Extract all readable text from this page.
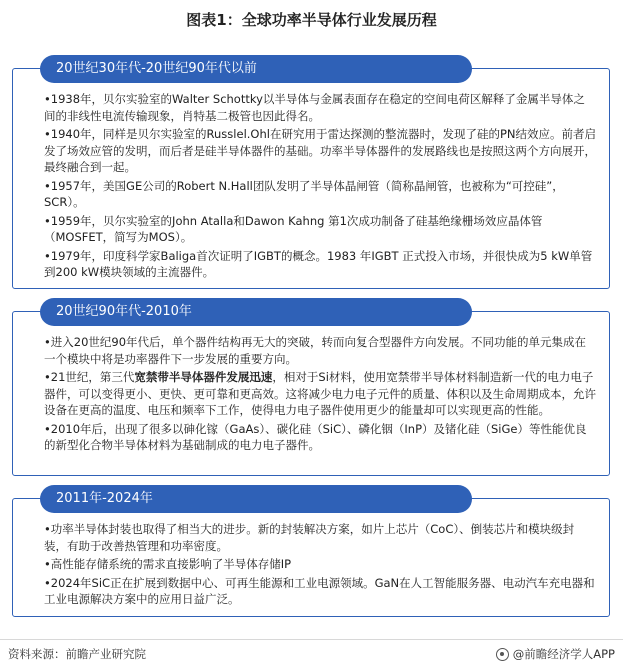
图表1：全球功率半导体行业发展历程
20世纪30年代-20世纪90年代以前
•1938年，贝尔实验室的Walter Schottky以半导体与金属表面存在稳定的空间电荷区解释了金属半导体之间的非线性电流传输现象，肖特基二极管也因此得名。
•1940年，同样是贝尔实验室的Russlel.Ohl在研究用于雷达探测的整流器时，发现了硅的PN结效应。前者启发了场效应管的发明，而后者是硅半导体器件的基础。功率半导体器件的发展路线也是按照这两个方向展开，最终融合到一起。
•1957年，美国GE公司的Robert N.Hall团队发明了半导体晶闸管（简称晶闸管，也被称为“可控硅”，SCR）。
•1959年，贝尔实验室的John Atalla和Dawon Kahng 第1次成功制备了硅基绝缘栅场效应晶体管（MOSFET，简写为MOS）。
•1979年，印度科学家Baliga首次证明了IGBT的概念。1983 年IGBT 正式投入市场，并很快成为5 kW单管到200 kW模块领域的主流器件。
20世纪90年代-2010年
•进入20世纪90年代后，单个器件结构再无大的突破，转而向复合型器件方向发展。不同功能的单元集成在一个模块中将是功率器件下一步发展的重要方向。
•21世纪，第三代宽禁带半导体器件发展迅速，相对于Si材料，使用宽禁带半导体材料制造新一代的电力电子器件，可以变得更小、更快、更可靠和更高效。这将减少电力电子元件的质量、体积以及生命周期成本，允许设备在更高的温度、电压和频率下工作，使得电力电子器件使用更少的能量却可以实现更高的性能。
•2010年后，出现了很多以砷化镓（GaAs）、碳化硅（SiC）、磷化铟（InP）及锗化硅（SiGe）等性能优良的新型化合物半导体材料为基础制成的电力电子器件。
2011年-2024年
•功率半导体封装也取得了相当大的进步。新的封装解决方案，如片上芯片（CoC）、倒装芯片和模块级封装，有助于改善热管理和功率密度。
•高性能存储系统的需求直接影响了半导体存储IP
•2024年SiC正在扩展到数据中心、可再生能源和工业电源领域。GaN在人工智能服务器、电动汽车充电器和工业电源解决方案中的应用日益广泛。
资料来源：前瞻产业研究院	@前瞻经济学人APP
